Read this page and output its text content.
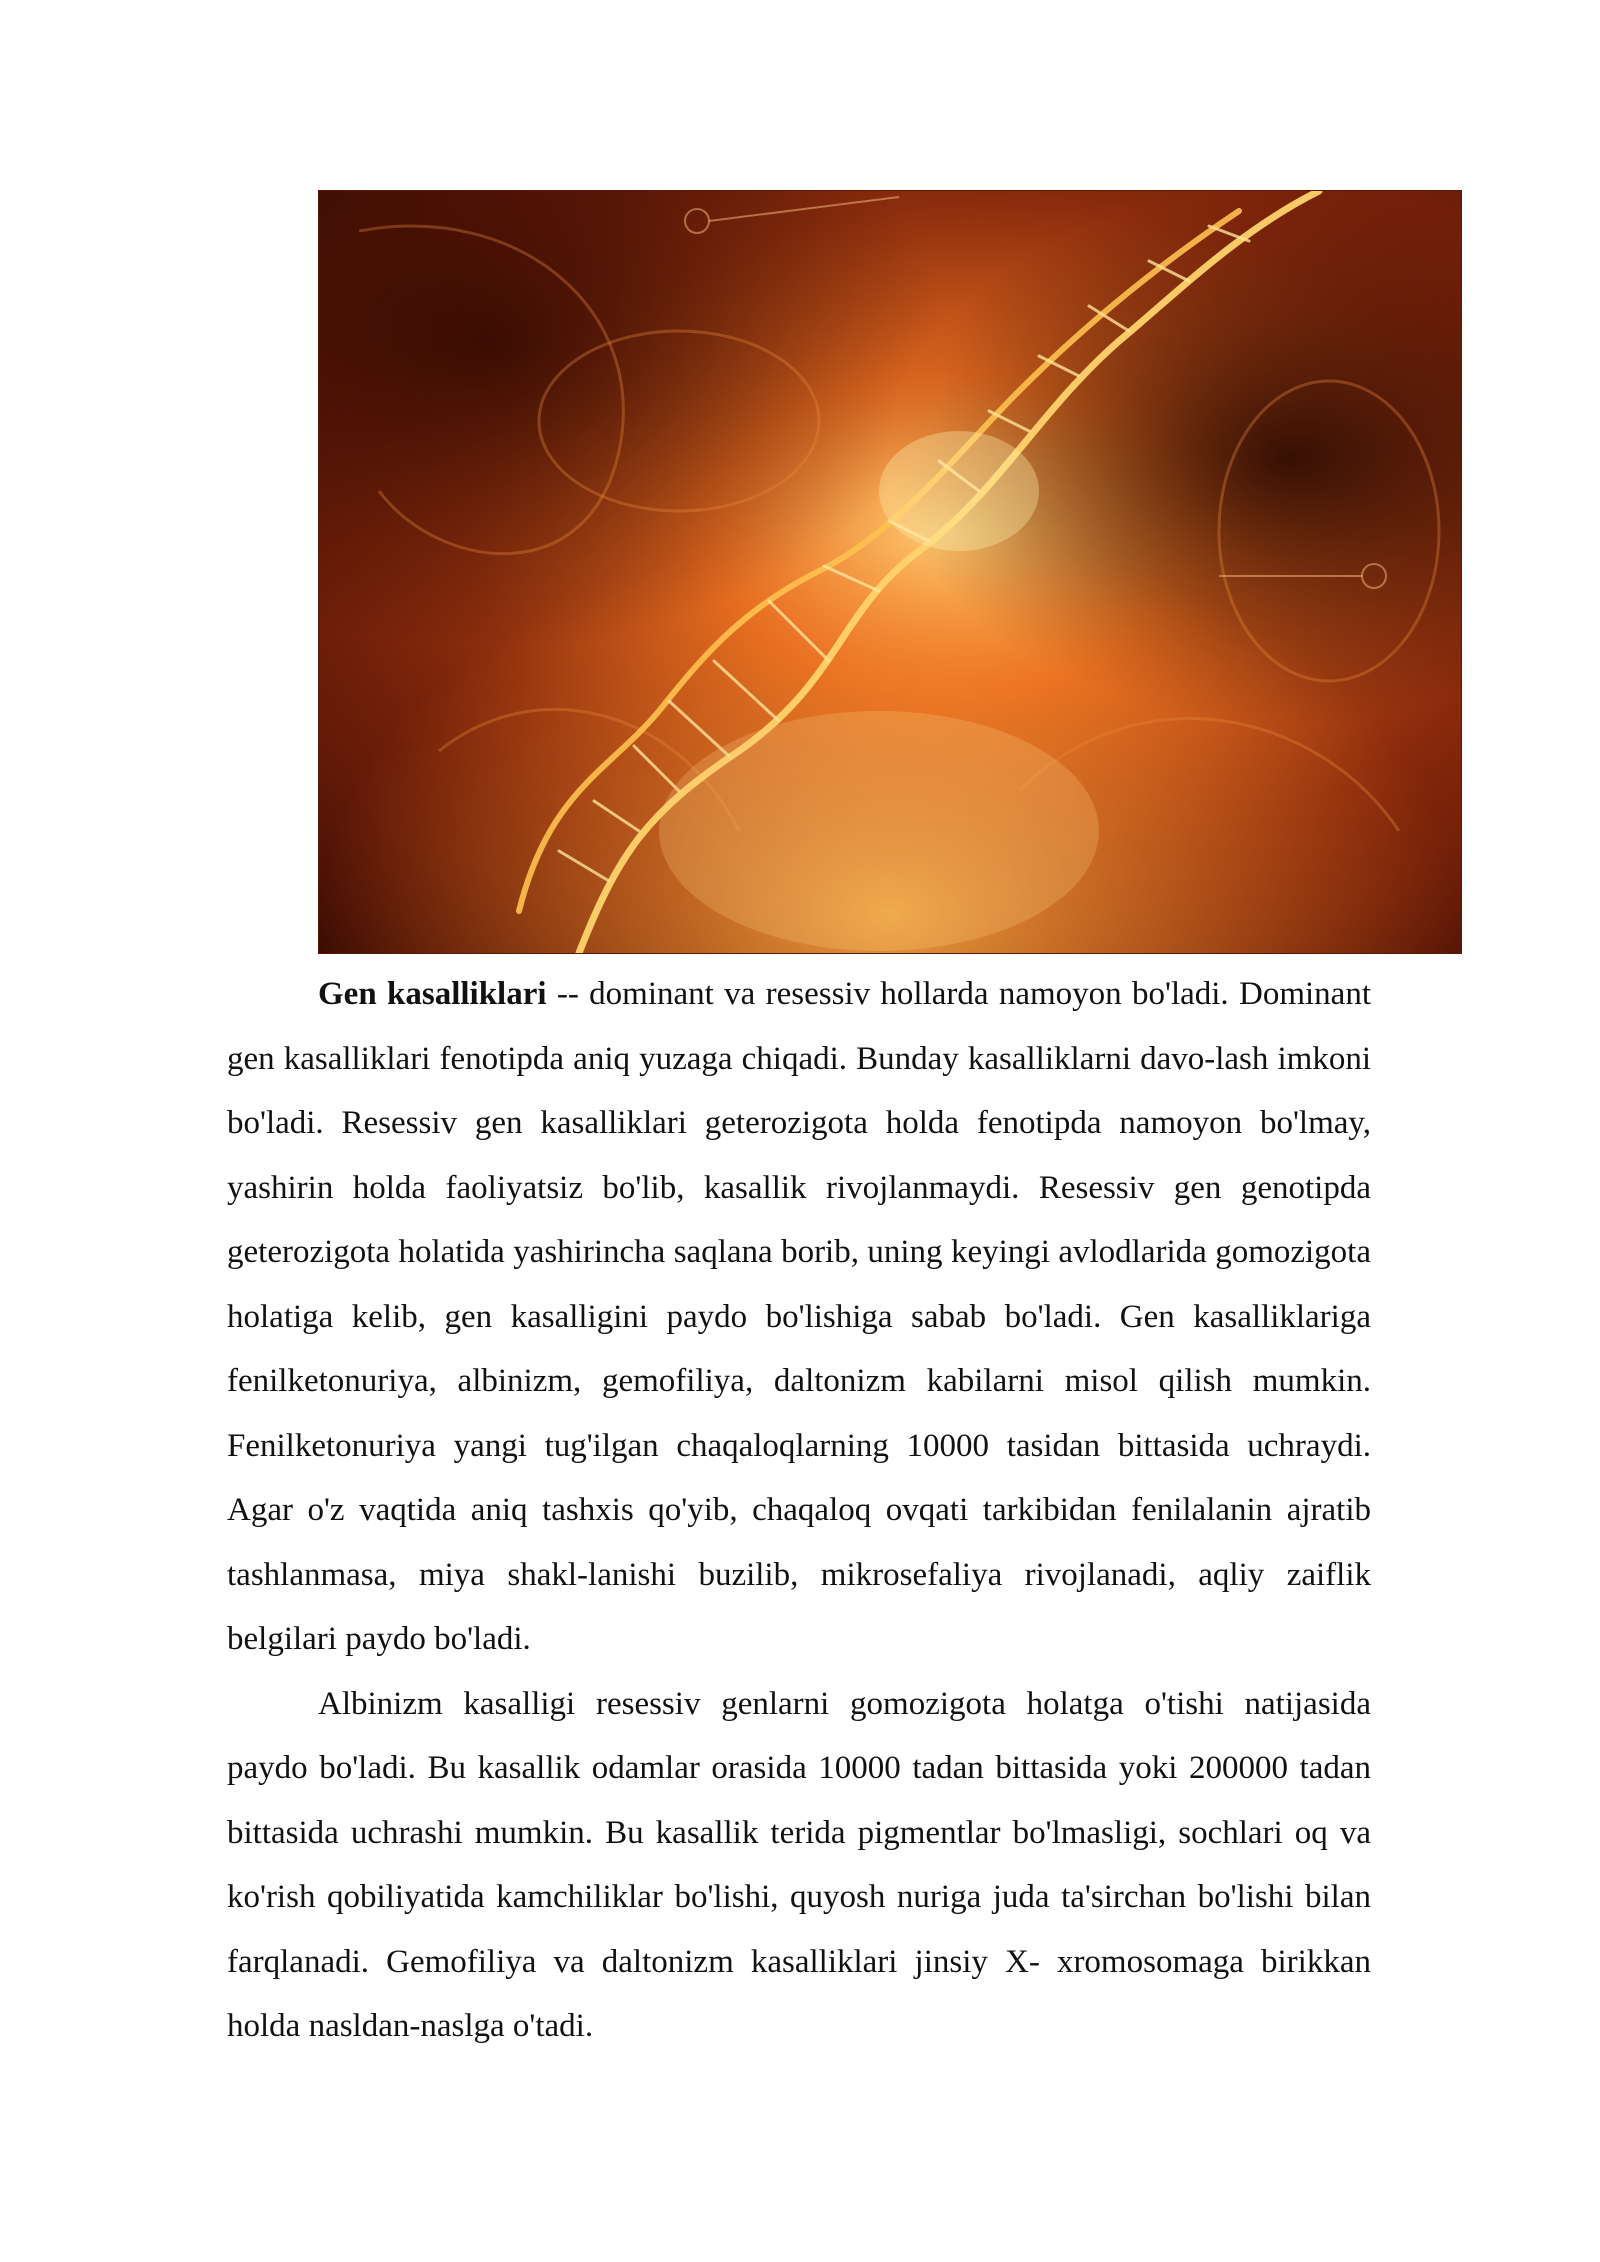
Gen kasalliklari -- dominant va resessiv hollarda namoyon bo'ladi. Dominant gen kasalliklari fenotipda aniq yuzaga chiqadi. Bunday kasalliklarni davo-lash imkoni bo'ladi. Resessiv gen kasalliklari geterozigota holda fenotipda namoyon bo'lmay, yashirin holda faoliyatsiz bo'lib, kasallik rivojlanmaydi. Resessiv gen genotipda geterozigota holatida yashirincha saqlana borib, uning keyingi avlodlarida gomozigota holatiga kelib, gen kasalligini paydo bo'lishiga sabab bo'ladi. Gen kasalliklariga fenilketonuriya, albinizm, gemofiliya, daltonizm kabilarni misol qilish mumkin. Fenilketonuriya yangi tug'ilgan chaqaloqlarning 10000 tasidan bittasida uchraydi. Agar o'z vaqtida aniq tashxis qo'yib, chaqaloq ovqati tarkibidan fenilalanin ajratib tashlanmasa, miya shakl-lanishi buzilib, mikrosefaliya rivojlanadi, aqliy zaiflik belgilari paydo bo'ladi.

Albinizm kasalligi resessiv genlarni gomozigota holatga o'tishi natijasida paydo bo'ladi. Bu kasallik odamlar orasida 10000 tadan bittasida yoki 200000 tadan bittasida uchrashi mumkin. Bu kasallik terida pigmentlar bo'lmasligi, sochlari oq va ko'rish qobiliyatida kamchiliklar bo'lishi, quyosh nuriga juda ta'sirchan bo'lishi bilan farqlanadi. Gemofiliya va daltonizm kasalliklari jinsiy X- xromosomaga birikkan holda nasldan-naslga o'tadi.
